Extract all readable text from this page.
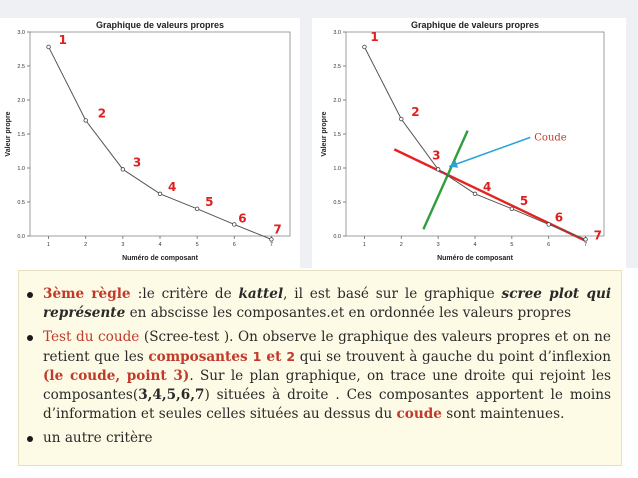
Graphique de valeurs propres
3.0
2.5
2.0
1.5
1.0
0.5
0.0
1	2	3	4	5	6	7
Numéro de composant
Valeur propre
1
2
3
4
5
6
7
Graphique de valeurs propres
3.0
2.5
2.0
1.5
1.0
0.5
0.0
1	2	3	4	5	6	7
Numéro de composant
Valeur propre	Coude
1
2
3
4
5
6
7
3ème règle :le critère de kattel, il est basé sur le graphique scree plot qui représente en abscisse les composantes.et en ordonnée les valeurs propres
Test du coude (Scree-test ). On observe le graphique des valeurs propres et on ne retient que les composantes 1 et 2 qui se trouvent à gauche du point d’inflexion (le coude, point 3). Sur le plan graphique, on trace une droite qui rejoint les composantes(3,4,5,6,7) situées à droite . Ces composantes apportent le moins d’information et seules celles situées au dessus du coude sont maintenues.
un autre critère
